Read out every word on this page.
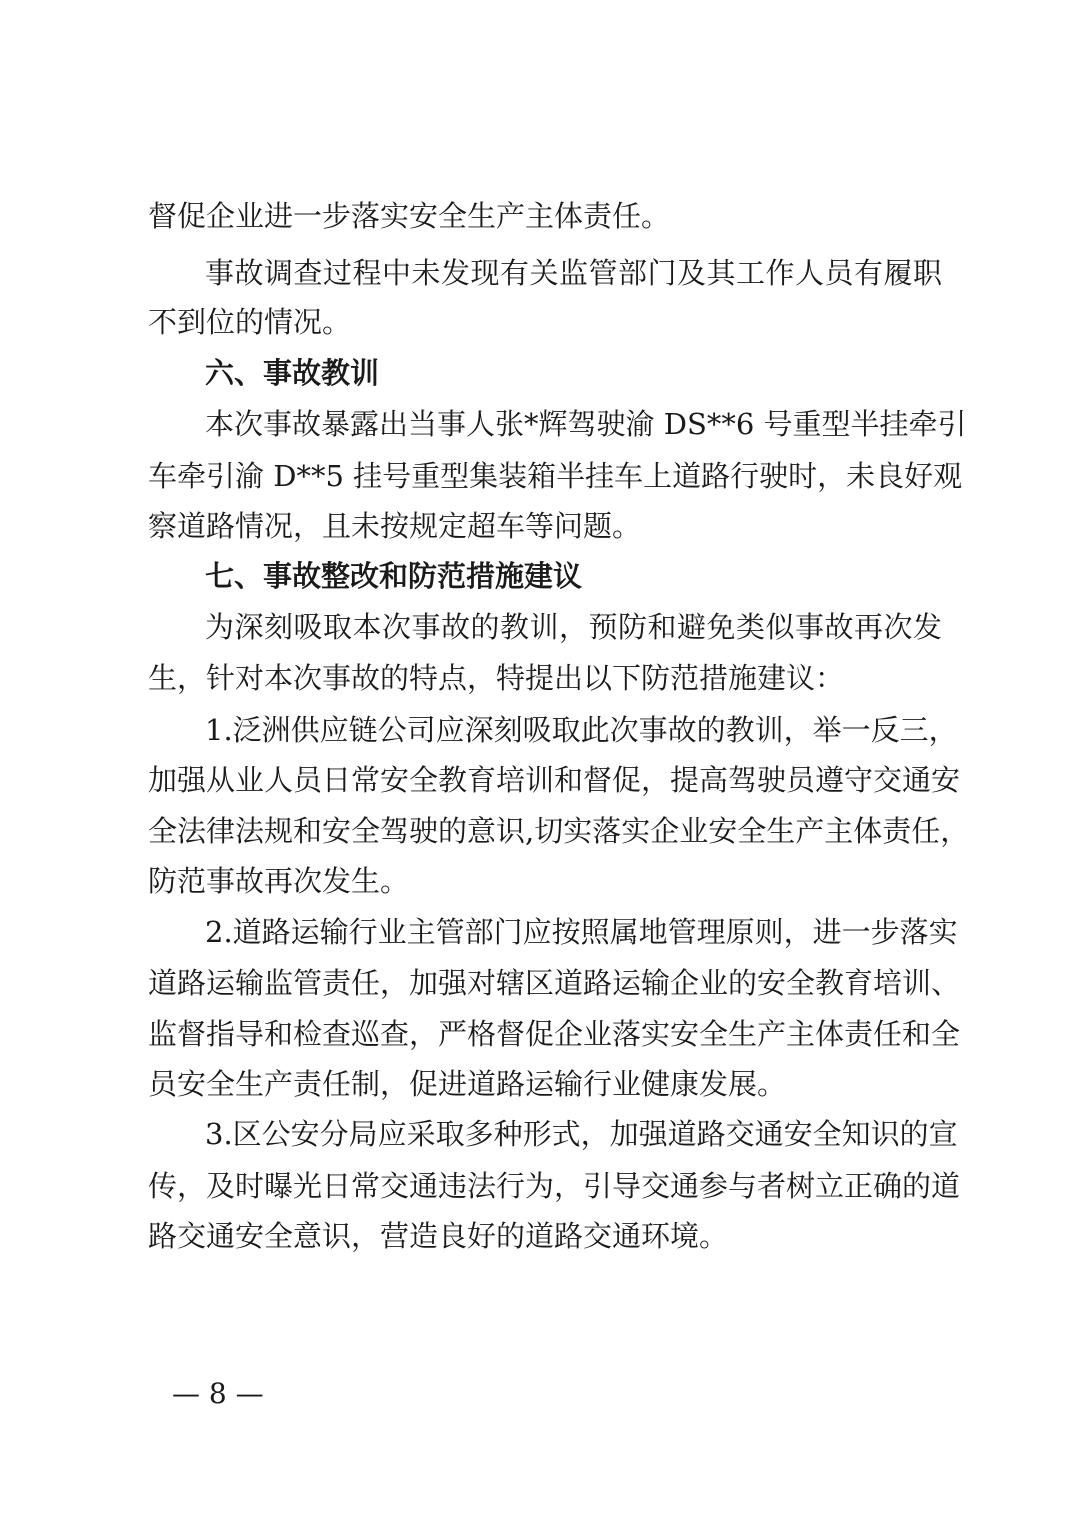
督促企业进一步落实安全生产主体责任。
事故调查过程中未发现有关监管部门及其工作人员有履职
不到位的情况。
六、事故教训
本次事故暴露出当事人张*辉驾驶渝 DS**6 号重型半挂牵引
车牵引渝 D**5 挂号重型集装箱半挂车上道路行驶时，未良好观
察道路情况，且未按规定超车等问题。
七、事故整改和防范措施建议
为深刻吸取本次事故的教训，预防和避免类似事故再次发
生，针对本次事故的特点，特提出以下防范措施建议：
1.泛洲供应链公司应深刻吸取此次事故的教训，举一反三，
加强从业人员日常安全教育培训和督促，提高驾驶员遵守交通安
全法律法规和安全驾驶的意识,切实落实企业安全生产主体责任，
防范事故再次发生。
2.道路运输行业主管部门应按照属地管理原则，进一步落实
道路运输监管责任，加强对辖区道路运输企业的安全教育培训、
监督指导和检查巡查，严格督促企业落实安全生产主体责任和全
员安全生产责任制，促进道路运输行业健康发展。
3.区公安分局应采取多种形式，加强道路交通安全知识的宣
传，及时曝光日常交通违法行为，引导交通参与者树立正确的道
路交通安全意识，营造良好的道路交通环境。
— 8 —
